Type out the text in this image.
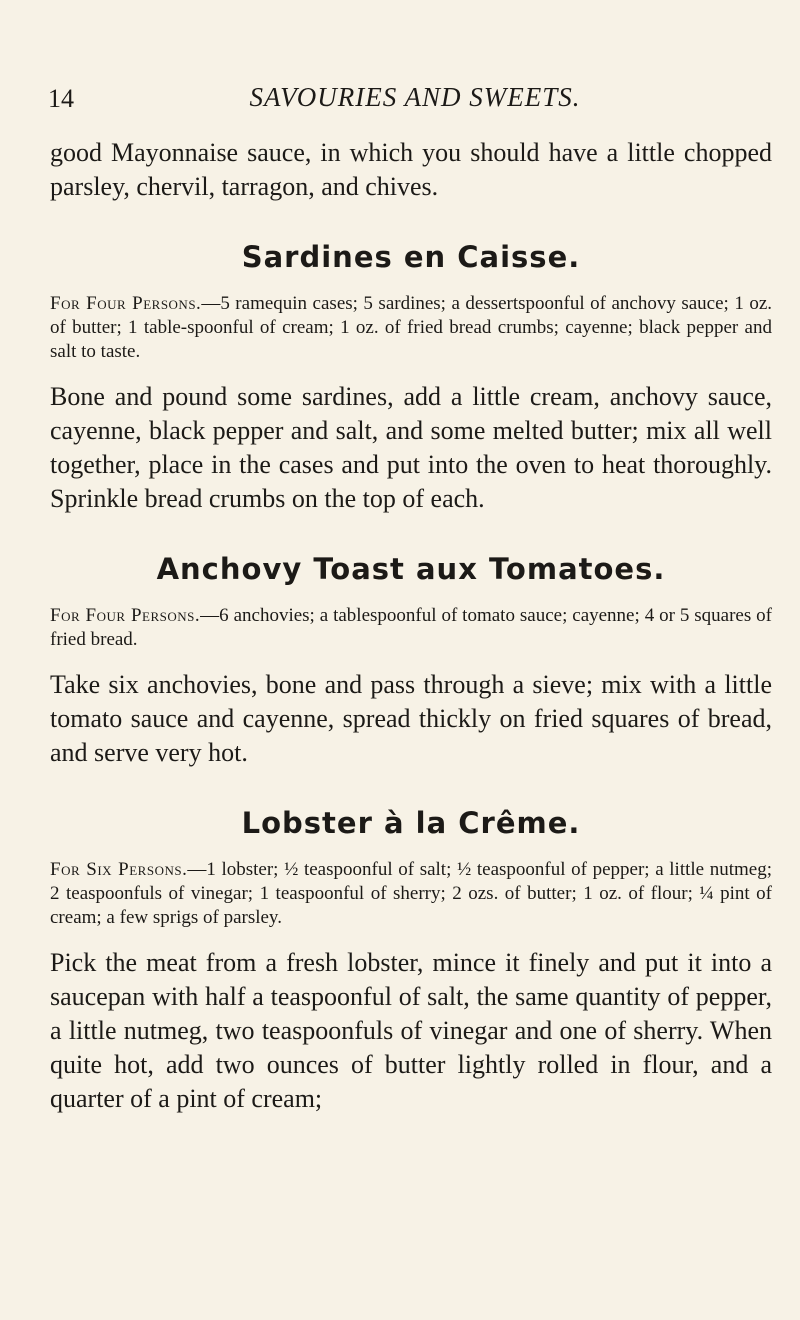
14	SAVOURIES AND SWEETS.

good Mayonnaise sauce, in which you should have a little chopped parsley, chervil, tarragon, and chives.

Sardines en Caisse.

For Four Persons.—5 ramequin cases; 5 sardines; a dessertspoonful of anchovy sauce; 1 oz. of butter; 1 table-spoonful of cream; 1 oz. of fried bread crumbs; cayenne; black pepper and salt to taste.

Bone and pound some sardines, add a little cream, anchovy sauce, cayenne, black pepper and salt, and some melted butter; mix all well together, place in the cases and put into the oven to heat thoroughly. Sprinkle bread crumbs on the top of each.

Anchovy Toast aux Tomatoes.

For Four Persons.—6 anchovies; a tablespoonful of tomato sauce; cayenne; 4 or 5 squares of fried bread.

Take six anchovies, bone and pass through a sieve; mix with a little tomato sauce and cayenne, spread thickly on fried squares of bread, and serve very hot.

Lobster à la Crême.

For Six Persons.—1 lobster; ½ teaspoonful of salt; ½ teaspoonful of pepper; a little nutmeg; 2 teaspoonfuls of vinegar; 1 teaspoonful of sherry; 2 ozs. of butter; 1 oz. of flour; ¼ pint of cream; a few sprigs of parsley.

Pick the meat from a fresh lobster, mince it finely and put it into a saucepan with half a teaspoonful of salt, the same quantity of pepper, a little nutmeg, two teaspoonfuls of vinegar and one of sherry. When quite hot, add two ounces of butter lightly rolled in flour, and a quarter of a pint of cream;
